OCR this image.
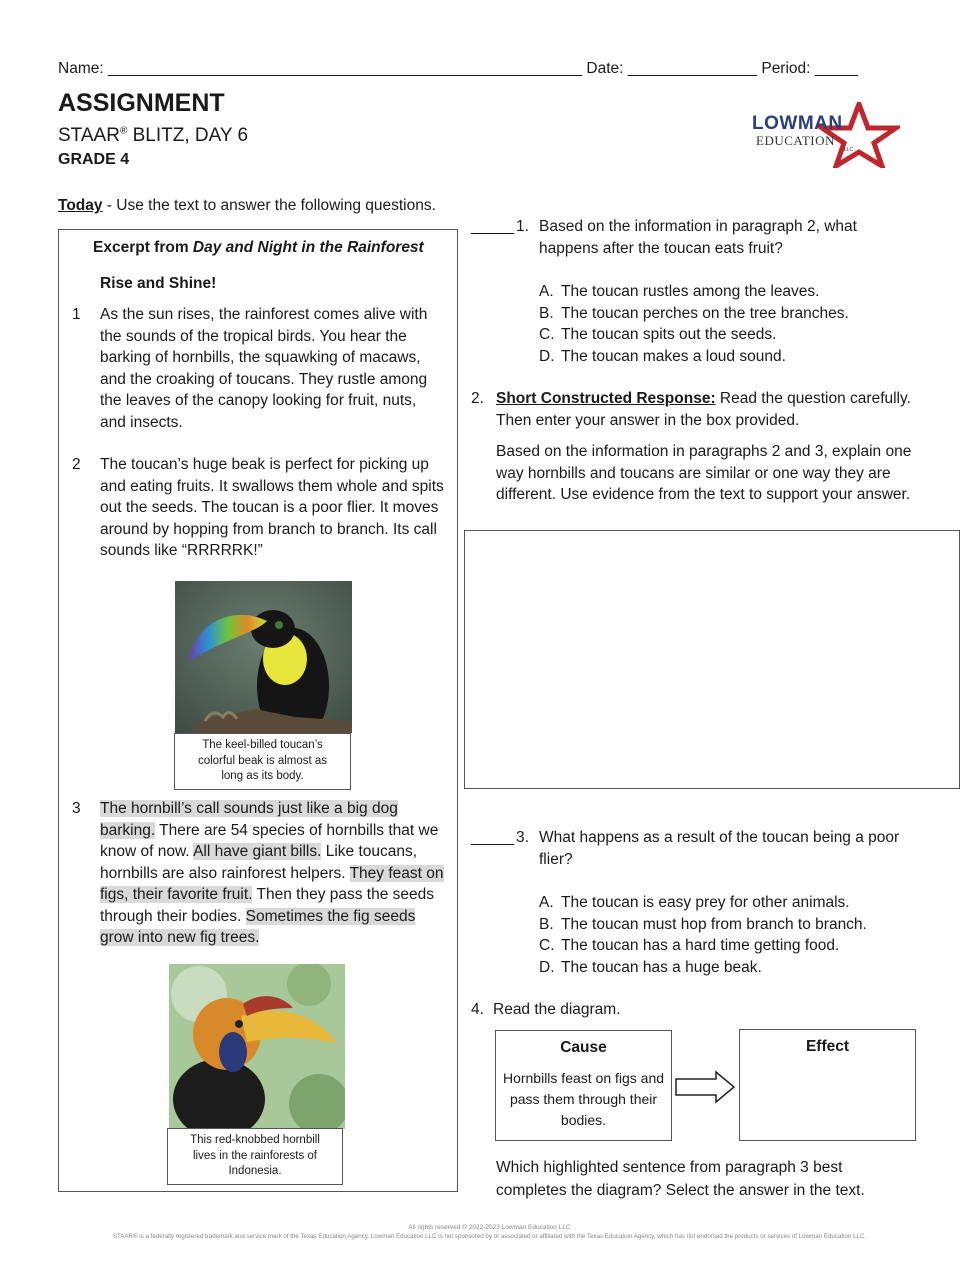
Name: _______________________________________________________ Date: _______________ Period: _____
ASSIGNMENT
STAAR® BLITZ, DAY 6
GRADE 4
LOWMAN
EDUCATION
LLC
Today - Use the text to answer the following questions.
Excerpt from Day and Night in the Rainforest
Rise and Shine!
1 As the sun rises, the rainforest comes alive with the sounds of the tropical birds. You hear the barking of hornbills, the squawking of macaws, and the croaking of toucans. They rustle among the leaves of the canopy looking for fruit, nuts, and insects.
2 The toucan’s huge beak is perfect for picking up and eating fruits. It swallows them whole and spits out the seeds. The toucan is a poor flier. It moves around by hopping from branch to branch. Its call sounds like “RRRRRK!”
The keel-billed toucan’s colorful beak is almost as long as its body.
3 The hornbill’s call sounds just like a big dog barking. There are 54 species of hornbills that we know of now. All have giant bills. Like toucans, hornbills are also rainforest helpers. They feast on figs, their favorite fruit. Then they pass the seeds through their bodies. Sometimes the fig seeds grow into new fig trees.
This red-knobbed hornbill lives in the rainforests of Indonesia.
_____ 1. Based on the information in paragraph 2, what happens after the toucan eats fruit?
A. The toucan rustles among the leaves.
B. The toucan perches on the tree branches.
C. The toucan spits out the seeds.
D. The toucan makes a loud sound.
2. Short Constructed Response: Read the question carefully. Then enter your answer in the box provided.
Based on the information in paragraphs 2 and 3, explain one way hornbills and toucans are similar or one way they are different. Use evidence from the text to support your answer.
_____ 3. What happens as a result of the toucan being a poor flier?
A. The toucan is easy prey for other animals.
B. The toucan must hop from branch to branch.
C. The toucan has a hard time getting food.
D. The toucan has a huge beak.
4. Read the diagram.
Cause
Hornbills feast on figs and pass them through their bodies.
Effect
Which highlighted sentence from paragraph 3 best completes the diagram? Select the answer in the text.
All rights reserved © 2022-2023 Lowman Education LLC
STAAR® is a federally registered trademark and service mark of the Texas Education Agency. Lowman Education LLC is not sponsored by or associated or affiliated with the Texas Education Agency, which has not endorsed the products or services of Lowman Education LLC.
